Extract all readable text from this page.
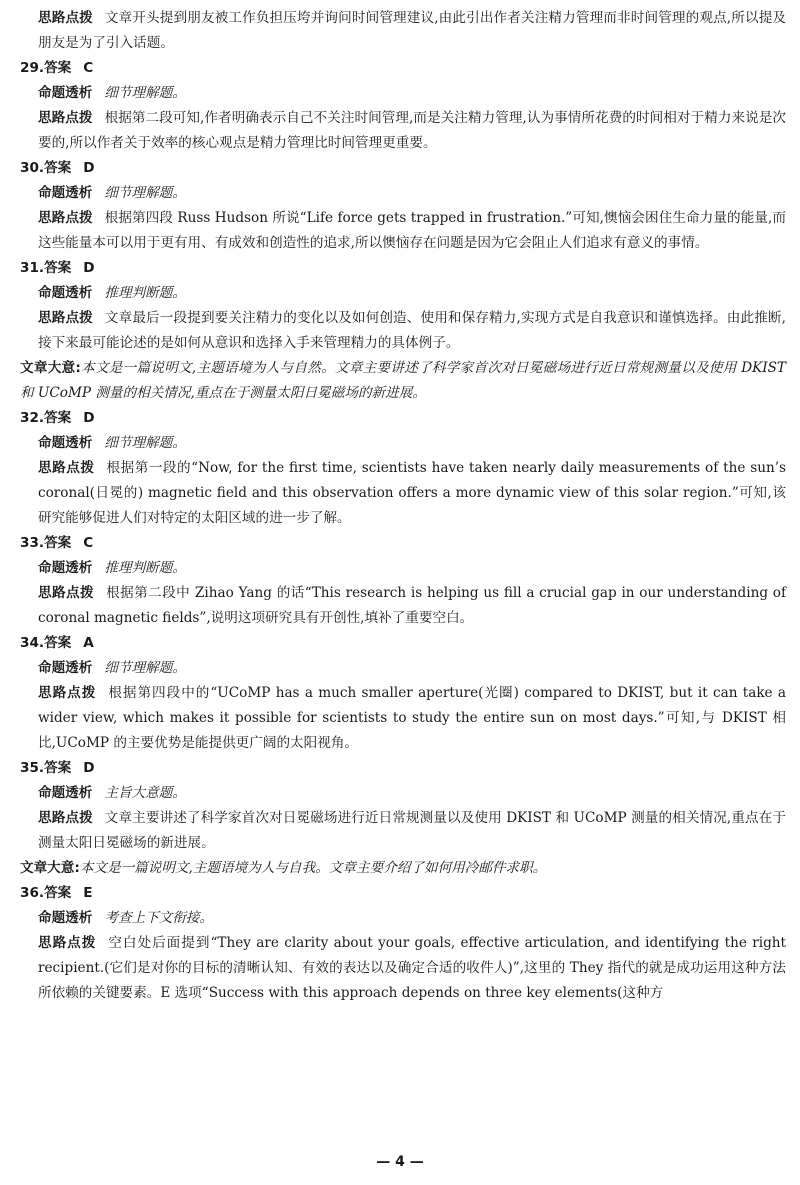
思路点拨 文章开头提到朋友被工作负担压垮并询问时间管理建议,由此引出作者关注精力管理而非时间管理的观点,所以提及朋友是为了引入话题。

29.答案 C
命题透析 细节理解题。

思路点拨 根据第二段可知,作者明确表示自己不关注时间管理,而是关注精力管理,认为事情所花费的时间相对于精力来说是次要的,所以作者关于效率的核心观点是精力管理比时间管理更重要。

30.答案 D
命题透析 细节理解题。

思路点拨 根据第四段 Russ Hudson 所说“Life force gets trapped in frustration.”可知,懊恼会困住生命力量的能量,而这些能量本可以用于更有用、有成效和创造性的追求,所以懊恼存在问题是因为它会阻止人们追求有意义的事情。

31.答案 D
命题透析 推理判断题。

思路点拨 文章最后一段提到要关注精力的变化以及如何创造、使用和保存精力,实现方式是自我意识和谨慎选择。由此推断,接下来最可能论述的是如何从意识和选择入手来管理精力的具体例子。

文章大意:本文是一篇说明文,主题语境为人与自然。文章主要讲述了科学家首次对日冕磁场进行近日常规测量以及使用 DKIST 和 UCoMP 测量的相关情况,重点在于测量太阳日冕磁场的新进展。

32.答案 D
命题透析 细节理解题。

思路点拨 根据第一段的“Now, for the first time, scientists have taken nearly daily measurements of the sun’s coronal(日冕的) magnetic field and this observation offers a more dynamic view of this solar region.”可知,该研究能够促进人们对特定的太阳区域的进一步了解。

33.答案 C
命题透析 推理判断题。

思路点拨 根据第二段中 Zihao Yang 的话“This research is helping us fill a crucial gap in our understanding of coronal magnetic fields”,说明这项研究具有开创性,填补了重要空白。

34.答案 A
命题透析 细节理解题。

思路点拨 根据第四段中的“UCoMP has a much smaller aperture(光圈) compared to DKIST, but it can take a wider view, which makes it possible for scientists to study the entire sun on most days.”可知,与 DKIST 相比,UCoMP 的主要优势是能提供更广阔的太阳视角。

35.答案 D
命题透析 主旨大意题。

思路点拨 文章主要讲述了科学家首次对日冕磁场进行近日常规测量以及使用 DKIST 和 UCoMP 测量的相关情况,重点在于测量太阳日冕磁场的新进展。

文章大意:本文是一篇说明文,主题语境为人与自我。文章主要介绍了如何用冷邮件求职。

36.答案 E
命题透析 考查上下文衔接。

思路点拨 空白处后面提到“They are clarity about your goals, effective articulation, and identifying the right recipient.(它们是对你的目标的清晰认知、有效的表达以及确定合适的收件人)”,这里的 They 指代的就是成功运用这种方法所依赖的关键要素。E 选项“Success with this approach depends on three key elements(这种方

— 4 —
